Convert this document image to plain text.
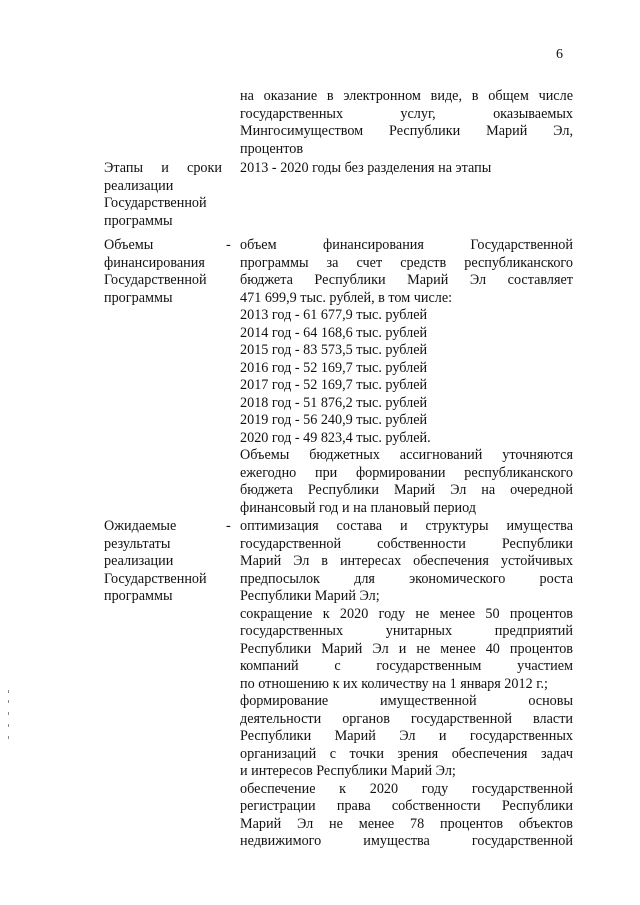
6
на оказание в электронном виде, в общем числе
государственных услуг, оказываемых
Мингосимуществом Республики Марий Эл,
процентов
Этапы и сроки
реализации
Государственной
программы
2013 - 2020 годы без разделения на этапы
Объемы
финансирования
Государственной
программы
- объем финансирования Государственной
программы за счет средств республиканского
бюджета Республики Марий Эл составляет
471 699,9 тыс. рублей, в том числе:
2013 год - 61 677,9 тыс. рублей
2014 год - 64 168,6 тыс. рублей
2015 год - 83 573,5 тыс. рублей
2016 год - 52 169,7 тыс. рублей
2017 год - 52 169,7 тыс. рублей
2018 год - 51 876,2 тыс. рублей
2019 год - 56 240,9 тыс. рублей
2020 год - 49 823,4 тыс. рублей.
Объемы бюджетных ассигнований уточняются
ежегодно при формировании республиканского
бюджета Республики Марий Эл на очередной
финансовый год и на плановый период
Ожидаемые
результаты
реализации
Государственной
программы
- оптимизация состава и структуры имущества
государственной собственности Республики
Марий Эл в интересах обеспечения устойчивых
предпосылок для экономического роста
Республики Марий Эл;
сокращение к 2020 году не менее 50 процентов
государственных унитарных предприятий
Республики Марий Эл и не менее 40 процентов
компаний с государственным участием
по отношению к их количеству на 1 января 2012 г.;
формирование имущественной основы
деятельности органов государственной власти
Республики Марий Эл и государственных
организаций с точки зрения обеспечения задач
и интересов Республики Марий Эл;
обеспечение к 2020 году государственной
регистрации права собственности Республики
Марий Эл не менее 78 процентов объектов
недвижимого имущества государственной
